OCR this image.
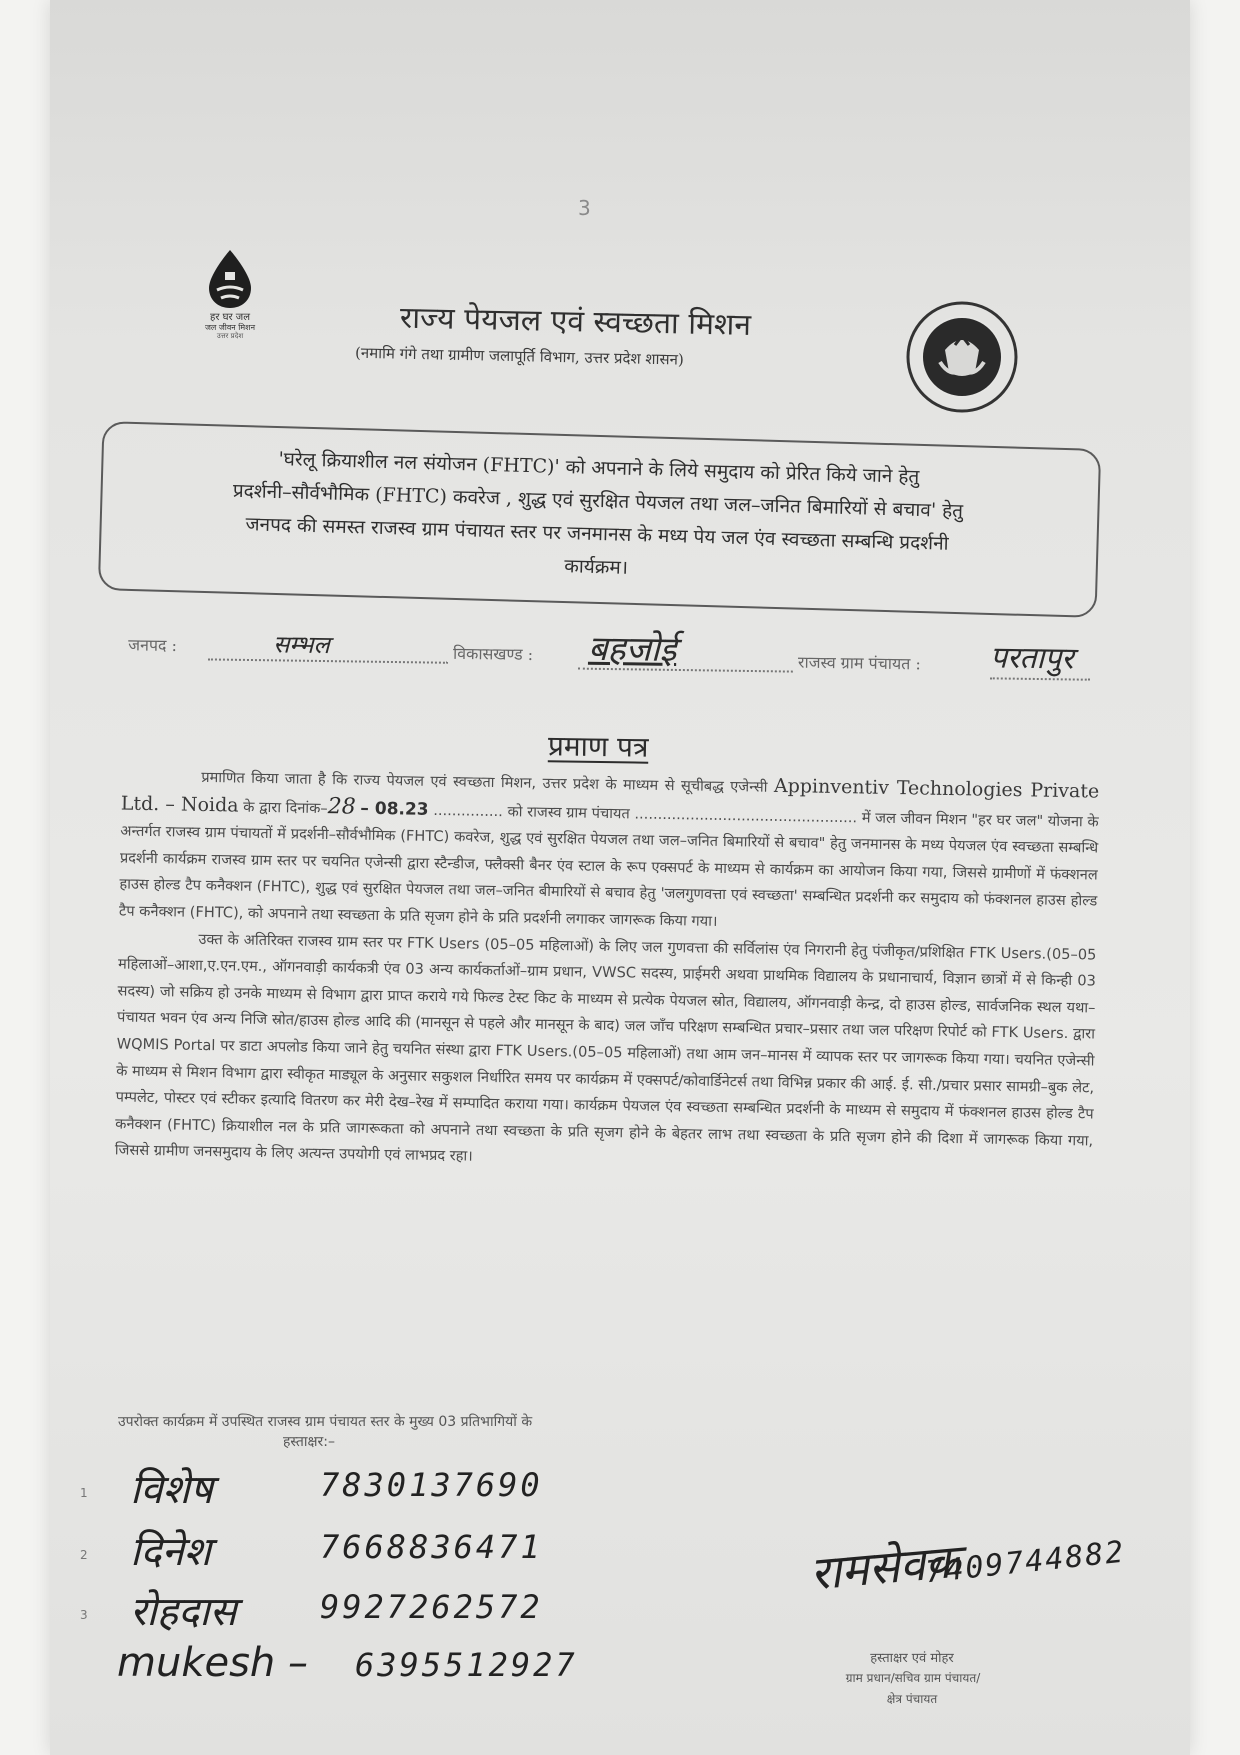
3
हर घर जल
जल जीवन मिशन
उत्तर प्रदेश	राज्य पेयजल एवं स्वच्छता मिशन
(नमामि गंगे तथा ग्रामीण जलापूर्ति विभाग, उत्तर प्रदेश शासन)
'घरेलू क्रियाशील नल संयोजन (FHTC)' को अपनाने के लिये समुदाय को प्रेरित किये जाने हेतु
प्रदर्शनी–सौर्वभौमिक (FHTC) कवरेज , शुद्ध एवं सुरक्षित पेयजल तथा जल–जनित बिमारियों से बचाव' हेतु
जनपद की समस्त राजस्व ग्राम पंचायत स्तर पर जनमानस के मध्य पेय जल एंव स्वच्छता सम्बन्धि प्रदर्शनी
कार्यक्रम।
जनपद :	सम्भल	विकासखण्ड : बहजोई	राजस्व ग्राम पंचायत : परतापुर
प्रमाण पत्र

प्रमाणित किया जाता है कि राज्य पेयजल एवं स्वच्छता मिशन, उत्तर प्रदेश के माध्यम से सूचीबद्ध एजेन्सी Appinventiv Technologies Private Ltd. – Noida के द्वारा दिनांक–28 – 08.23 ............... को राजस्व ग्राम पंचायत ................................................ में जल जीवन मिशन "हर घर जल" योजना के अन्तर्गत राजस्व ग्राम पंचायतों में प्रदर्शनी–सौर्वभौमिक (FHTC) कवरेज, शुद्ध एवं सुरक्षित पेयजल तथा जल–जनित बिमारियों से बचाव" हेतु जनमानस के मध्य पेयजल एंव स्वच्छता सम्बन्धि प्रदर्शनी कार्यक्रम राजस्व ग्राम स्तर पर चयनित एजेन्सी द्वारा स्टैन्डीज, फ्लैक्सी बैनर एंव स्टाल के रूप एक्सपर्ट के माध्यम से कार्यक्रम का आयोजन किया गया, जिससे ग्रामीणों में फंक्शनल हाउस होल्ड टैप कनैक्शन (FHTC), शुद्ध एवं सुरक्षित पेयजल तथा जल–जनित बीमारियों से बचाव हेतु 'जलगुणवत्ता एवं स्वच्छता' सम्बन्धित प्रदर्शनी कर समुदाय को फंक्शनल हाउस होल्ड टैप कनैक्शन (FHTC), को अपनाने तथा स्वच्छता के प्रति सृजग होने के प्रति प्रदर्शनी लगाकर जागरूक किया गया।

उक्त के अतिरिक्त राजस्व ग्राम स्तर पर FTK Users (05–05 महिलाओं) के लिए जल गुणवत्ता की सर्विलांस एंव निगरानी हेतु पंजीकृत/प्रशिक्षित FTK Users.(05–05 महिलाओं–आशा,ए.एन.एम., ऑगनवाड़ी कार्यकत्री एंव 03 अन्य कार्यकर्ताओं–ग्राम प्रधान, VWSC सदस्य, प्राईमरी अथवा प्राथमिक विद्यालय के प्रधानाचार्य, विज्ञान छात्रों में से किन्ही 03 सदस्य) जो सक्रिय हो उनके माध्यम से विभाग द्वारा प्राप्त कराये गये फिल्ड टेस्ट किट के माध्यम से प्रत्येक पेयजल स्रोत, विद्यालय, ऑगनवाड़ी केन्द्र, दो हाउस होल्ड, सार्वजनिक स्थल यथा–पंचायत भवन एंव अन्य निजि स्रोत/हाउस होल्ड आदि की (मानसून से पहले और मानसून के बाद) जल जाँच परिक्षण सम्बन्धित प्रचार–प्रसार तथा जल परिक्षण रिपोर्ट को FTK Users. द्वारा WQMIS Portal पर डाटा अपलोड किया जाने हेतु चयनित संस्था द्वारा FTK Users.(05–05 महिलाओं) तथा आम जन–मानस में व्यापक स्तर पर जागरूक किया गया। चयनित एजेन्सी के माध्यम से मिशन विभाग द्वारा स्वीकृत माड्यूल के अनुसार सकुशल निर्धारित समय पर कार्यक्रम में एक्सपर्ट/कोवार्डिनेटर्स तथा विभिन्न प्रकार की आई. ई. सी./प्रचार प्रसार सामग्री–बुक लेट, पम्पलेट, पोस्टर एवं स्टीकर इत्यादि वितरण कर मेरी देख–रेख में सम्पादित कराया गया। कार्यक्रम पेयजल एंव स्वच्छता सम्बन्धित प्रदर्शनी के माध्यम से समुदाय में फंक्शनल हाउस होल्ड टैप कनैक्शन (FHTC) क्रियाशील नल के प्रति जागरूकता को अपनाने तथा स्वच्छता के प्रति सृजग होने के बेहतर लाभ तथा स्वच्छता के प्रति सृजग होने की दिशा में जागरूक किया गया, जिससे ग्रामीण जनसमुदाय के लिए अत्यन्त उपयोगी एवं लाभप्रद रहा।

उपरोक्त कार्यक्रम में उपस्थित राजस्व ग्राम पंचायत स्तर के मुख्य 03 प्रतिभागियों के
हस्ताक्षर:–
1 विशेष	7830137690
2 दिनेश	7668836471
3 रोहदास	9927262572
mukesh – 6395512927
रामसेवक
7409744882
हस्ताक्षर एवं मोहर
ग्राम प्रधान/सचिव ग्राम पंचायत/
क्षेत्र पंचायत
